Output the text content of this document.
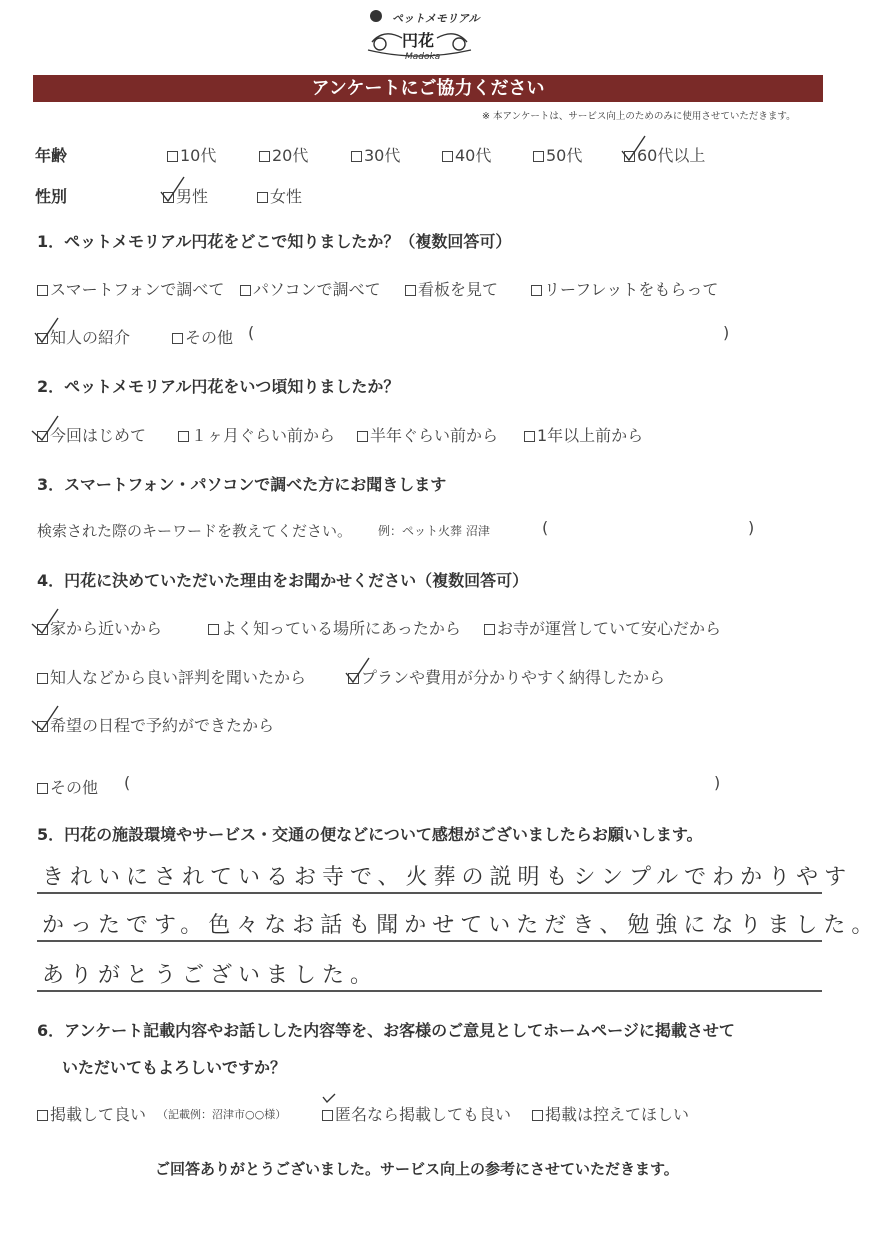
ペットメモリアル
円花
Madoka
アンケートにご協力ください
※ 本アンケートは、サービス向上のためのみに使用させていただきます。
年齢	10代	20代	30代	40代	50代	60代以上
性別	男性	女性
1．ペットメモリアル円花をどこで知りましたか？（複数回答可）
スマートフォンで調べて	パソコンで調べて	看板を見て	リーフレットをもらって
知人の紹介	その他 (	)
2．ペットメモリアル円花をいつ頃知りましたか？
今回はじめて	１ヶ月ぐらい前から	半年ぐらい前から	1年以上前から
3．スマートフォン・パソコンで調べた方にお聞きします
検索された際のキーワードを教えてください。 例：ペット火葬 沼津	(	)
4．円花に決めていただいた理由をお聞かせください（複数回答可）
家から近いから	よく知っている場所にあったから	お寺が運営していて安心だから
知人などから良い評判を聞いたから	プランや費用が分かりやすく納得したから
希望の日程で予約ができたから
その他 (	)
5．円花の施設環境やサービス・交通の便などについて感想がございましたらお願いします。
きれいにされているお寺で、火葬の説明もシンプルでわかりやす
かったです。色々なお話も聞かせていただき、勉強になりました。
ありがとうございました。
6．アンケート記載内容やお話しした内容等を、お客様のご意見としてホームページに掲載させて
いただいてもよろしいですか？
掲載して良い （記載例：沼津市○○様）	匿名なら掲載しても良い	掲載は控えてほしい
ご回答ありがとうございました。サービス向上の参考にさせていただきます。
